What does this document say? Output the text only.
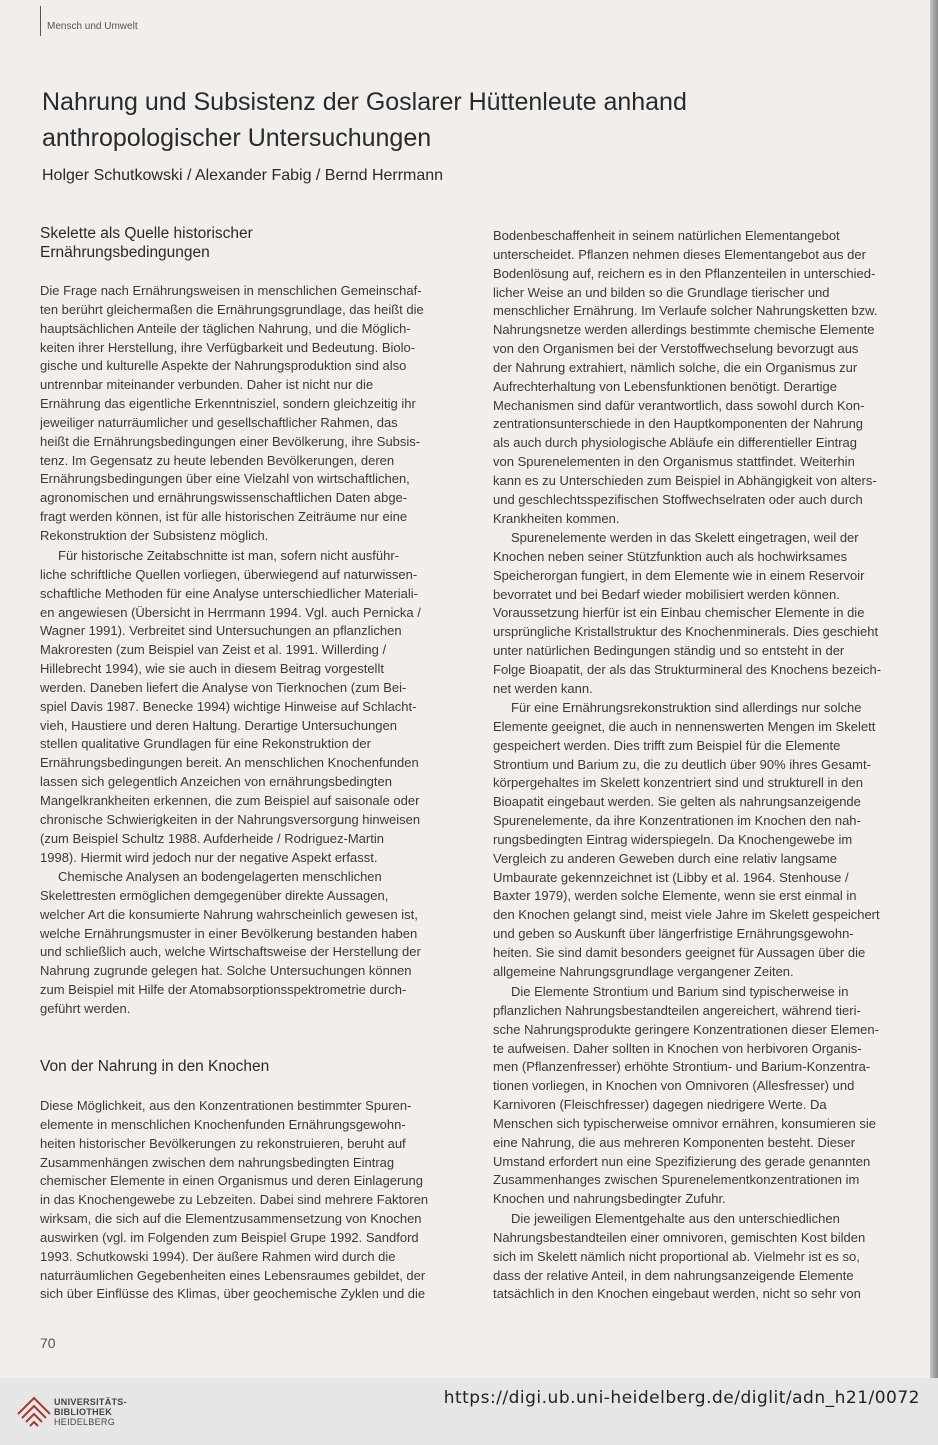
Mensch und Umwelt
Nahrung und Subsistenz der Goslarer Hüttenleute anhand
anthropologischer Untersuchungen

Holger Schutkowski / Alexander Fabig / Bernd Herrmann

Skelette als Quelle historischer
Ernährungsbedingungen

Die Frage nach Ernährungsweisen in menschlichen Gemeinschaf-
ten berührt gleichermaßen die Ernährungsgrundlage, das heißt die
hauptsächlichen Anteile der täglichen Nahrung, und die Möglich-
keiten ihrer Herstellung, ihre Verfügbarkeit und Bedeutung. Biolo-
gische und kulturelle Aspekte der Nahrungsproduktion sind also
untrennbar miteinander verbunden. Daher ist nicht nur die
Ernährung das eigentliche Erkenntnisziel, sondern gleichzeitig ihr
jeweiliger naturräumlicher und gesellschaftlicher Rahmen, das
heißt die Ernährungsbedingungen einer Bevölkerung, ihre Subsis-
tenz. Im Gegensatz zu heute lebenden Bevölkerungen, deren
Ernährungsbedingungen über eine Vielzahl von wirtschaftlichen,
agronomischen und ernährungswissenschaftlichen Daten abge-
fragt werden können, ist für alle historischen Zeiträume nur eine
Rekonstruktion der Subsistenz möglich.

Für historische Zeitabschnitte ist man, sofern nicht ausführ-
liche schriftliche Quellen vorliegen, überwiegend auf naturwissen-
schaftliche Methoden für eine Analyse unterschiedlicher Materiali-
en angewiesen (Übersicht in Herrmann 1994. Vgl. auch Pernicka /
Wagner 1991). Verbreitet sind Untersuchungen an pflanzlichen
Makroresten (zum Beispiel van Zeist et al. 1991. Willerding /
Hillebrecht 1994), wie sie auch in diesem Beitrag vorgestellt
werden. Daneben liefert die Analyse von Tierknochen (zum Bei-
spiel Davis 1987. Benecke 1994) wichtige Hinweise auf Schlacht-
vieh, Haustiere und deren Haltung. Derartige Untersuchungen
stellen qualitative Grundlagen für eine Rekonstruktion der
Ernährungsbedingungen bereit. An menschlichen Knochenfunden
lassen sich gelegentlich Anzeichen von ernährungsbedingten
Mangelkrankheiten erkennen, die zum Beispiel auf saisonale oder
chronische Schwierigkeiten in der Nahrungsversorgung hinweisen
(zum Beispiel Schultz 1988. Aufderheide / Rodriguez-Martin
1998). Hiermit wird jedoch nur der negative Aspekt erfasst.

Chemische Analysen an bodengelagerten menschlichen
Skelettresten ermöglichen demgegenüber direkte Aussagen,
welcher Art die konsumierte Nahrung wahrscheinlich gewesen ist,
welche Ernährungsmuster in einer Bevölkerung bestanden haben
und schließlich auch, welche Wirtschaftsweise der Herstellung der
Nahrung zugrunde gelegen hat. Solche Untersuchungen können
zum Beispiel mit Hilfe der Atomabsorptionsspektrometrie durch-
geführt werden.

Von der Nahrung in den Knochen

Diese Möglichkeit, aus den Konzentrationen bestimmter Spuren-
elemente in menschlichen Knochenfunden Ernährungsgewohn-
heiten historischer Bevölkerungen zu rekonstruieren, beruht auf
Zusammenhängen zwischen dem nahrungsbedingten Eintrag
chemischer Elemente in einen Organismus und deren Einlagerung
in das Knochengewebe zu Lebzeiten. Dabei sind mehrere Faktoren
wirksam, die sich auf die Elementzusammensetzung von Knochen
auswirken (vgl. im Folgenden zum Beispiel Grupe 1992. Sandford
1993. Schutkowski 1994). Der äußere Rahmen wird durch die
naturräumlichen Gegebenheiten eines Lebensraumes gebildet, der
sich über Einflüsse des Klimas, über geochemische Zyklen und die

Bodenbeschaffenheit in seinem natürlichen Elementangebot
unterscheidet. Pflanzen nehmen dieses Elementangebot aus der
Bodenlösung auf, reichern es in den Pflanzenteilen in unterschied-
licher Weise an und bilden so die Grundlage tierischer und
menschlicher Ernährung. Im Verlaufe solcher Nahrungsketten bzw.
Nahrungsnetze werden allerdings bestimmte chemische Elemente
von den Organismen bei der Verstoffwechselung bevorzugt aus
der Nahrung extrahiert, nämlich solche, die ein Organismus zur
Aufrechterhaltung von Lebensfunktionen benötigt. Derartige
Mechanismen sind dafür verantwortlich, dass sowohl durch Kon-
zentrationsunterschiede in den Hauptkomponenten der Nahrung
als auch durch physiologische Abläufe ein differentieller Eintrag
von Spurenelementen in den Organismus stattfindet. Weiterhin
kann es zu Unterschieden zum Beispiel in Abhängigkeit von alters-
und geschlechtsspezifischen Stoffwechselraten oder auch durch
Krankheiten kommen.

Spurenelemente werden in das Skelett eingetragen, weil der
Knochen neben seiner Stützfunktion auch als hochwirksames
Speicherorgan fungiert, in dem Elemente wie in einem Reservoir
bevorratet und bei Bedarf wieder mobilisiert werden können.
Voraussetzung hierfür ist ein Einbau chemischer Elemente in die
ursprüngliche Kristallstruktur des Knochenminerals. Dies geschieht
unter natürlichen Bedingungen ständig und so entsteht in der
Folge Bioapatit, der als das Strukturmineral des Knochens bezeich-
net werden kann.

Für eine Ernährungsrekonstruktion sind allerdings nur solche
Elemente geeignet, die auch in nennenswerten Mengen im Skelett
gespeichert werden. Dies trifft zum Beispiel für die Elemente
Strontium und Barium zu, die zu deutlich über 90% ihres Gesamt-
körpergehaltes im Skelett konzentriert sind und strukturell in den
Bioapatit eingebaut werden. Sie gelten als nahrungsanzeigende
Spurenelemente, da ihre Konzentrationen im Knochen den nah-
rungsbedingten Eintrag widerspiegeln. Da Knochengewebe im
Vergleich zu anderen Geweben durch eine relativ langsame
Umbaurate gekennzeichnet ist (Libby et al. 1964. Stenhouse /
Baxter 1979), werden solche Elemente, wenn sie erst einmal in
den Knochen gelangt sind, meist viele Jahre im Skelett gespeichert
und geben so Auskunft über längerfristige Ernährungsgewohn-
heiten. Sie sind damit besonders geeignet für Aussagen über die
allgemeine Nahrungsgrundlage vergangener Zeiten.

Die Elemente Strontium und Barium sind typischerweise in
pflanzlichen Nahrungsbestandteilen angereichert, während tieri-
sche Nahrungsprodukte geringere Konzentrationen dieser Elemen-
te aufweisen. Daher sollten in Knochen von herbivoren Organis-
men (Pflanzenfresser) erhöhte Strontium- und Barium-Konzentra-
tionen vorliegen, in Knochen von Omnivoren (Allesfresser) und
Karnivoren (Fleischfresser) dagegen niedrigere Werte. Da
Menschen sich typischerweise omnivor ernähren, konsumieren sie
eine Nahrung, die aus mehreren Komponenten besteht. Dieser
Umstand erfordert nun eine Spezifizierung des gerade genannten
Zusammenhanges zwischen Spurenelementkonzentrationen im
Knochen und nahrungsbedingter Zufuhr.

Die jeweiligen Elementgehalte aus den unterschiedlichen
Nahrungsbestandteilen einer omnivoren, gemischten Kost bilden
sich im Skelett nämlich nicht proportional ab. Vielmehr ist es so,
dass der relative Anteil, in dem nahrungsanzeigende Elemente
tatsächlich in den Knochen eingebaut werden, nicht so sehr von

70
UNIVERSITÄTS-
BIBLIOTHEK
HEIDELBERG
https://digi.ub.uni-heidelberg.de/diglit/adn_h21/0072
